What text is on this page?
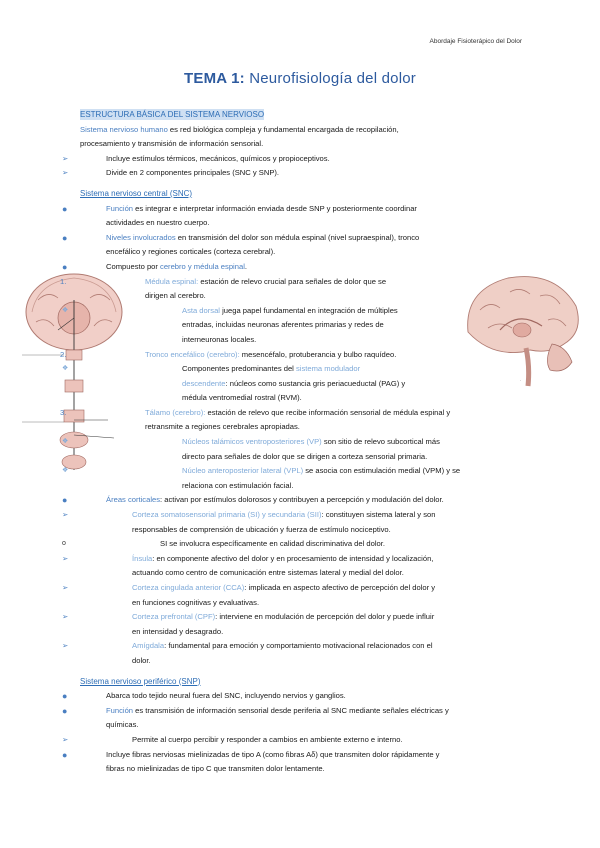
Abordaje Fisioterápico del Dolor
TEMA 1: Neurofisiología del dolor
·
ESTRUCTURA BÁSICA DEL SISTEMA NERVIOSO
Sistema nervioso humano es red biológica compleja y fundamental encargada de recopilación,
procesamiento y transmisión de información sensorial.
➢	Incluye estímulos térmicos, mecánicos, químicos y propioceptivos.
➢	Divide en 2 componentes principales (SNC y SNP).
Sistema nervioso central (SNC)
●	Función es integrar e interpretar información enviada desde SNP y posteriormente coordinar
actividades en nuestro cuerpo.
●	Niveles involucrados en transmisión del dolor son médula espinal (nivel supraespinal), tronco
encefálico y regiones corticales (corteza cerebral).
●	Compuesto por cerebro y médula espinal.
1.	Médula espinal: estación de relevo crucial para señales de dolor que se
dirigen al cerebro.
❖	Asta dorsal juega papel fundamental en integración de múltiples
entradas, incluidas neuronas aferentes primarias y redes de
interneuronas locales.
2.	Tronco encefálico (cerebro): mesencéfalo, protuberancia y bulbo raquídeo.
❖	Componentes predominantes del sistema modulador
descendente: núcleos como sustancia gris periacueductal (PAG) y
médula ventromedial rostral (RVM).
3.	Tálamo (cerebro): estación de relevo que recibe información sensorial de médula espinal y
retransmite a regiones cerebrales apropiadas.
❖	Núcleos talámicos ventroposteriores (VP) son sitio de relevo subcortical más
directo para señales de dolor que se dirigen a corteza sensorial primaria.
❖	Núcleo anteroposterior lateral (VPL) se asocia con estimulación medial (VPM) y se
relaciona con estimulación facial.
●	Áreas corticales: activan por estímulos dolorosos y contribuyen a percepción y modulación del dolor.
➢	Corteza somatosensorial primaria (SI) y secundaria (SII): constituyen sistema lateral y son
responsables de comprensión de ubicación y fuerza de estímulo nociceptivo.
o	SI se involucra específicamente en calidad discriminativa del dolor.
➢	Ínsula: en componente afectivo del dolor y en procesamiento de intensidad y localización,
actuando como centro de comunicación entre sistemas lateral y medial del dolor.
➢	Corteza cingulada anterior (CCA): implicada en aspecto afectivo de percepción del dolor y
en funciones cognitivas y evaluativas.
➢	Corteza prefrontal (CPF): interviene en modulación de percepción del dolor y puede influir
en intensidad y desagrado.
➢	Amígdala: fundamental para emoción y comportamiento motivacional relacionados con el
dolor.
Sistema nervioso periférico (SNP)
●	Abarca todo tejido neural fuera del SNC, incluyendo nervios y ganglios.
●	Función es transmisión de información sensorial desde periferia al SNC mediante señales eléctricas y
químicas.
➢	Permite al cuerpo percibir y responder a cambios en ambiente externo e interno.
●	Incluye fibras nerviosas mielinizadas de tipo A (como fibras Aδ) que transmiten dolor rápidamente y
fibras no mielinizadas de tipo C que transmiten dolor lentamente.
